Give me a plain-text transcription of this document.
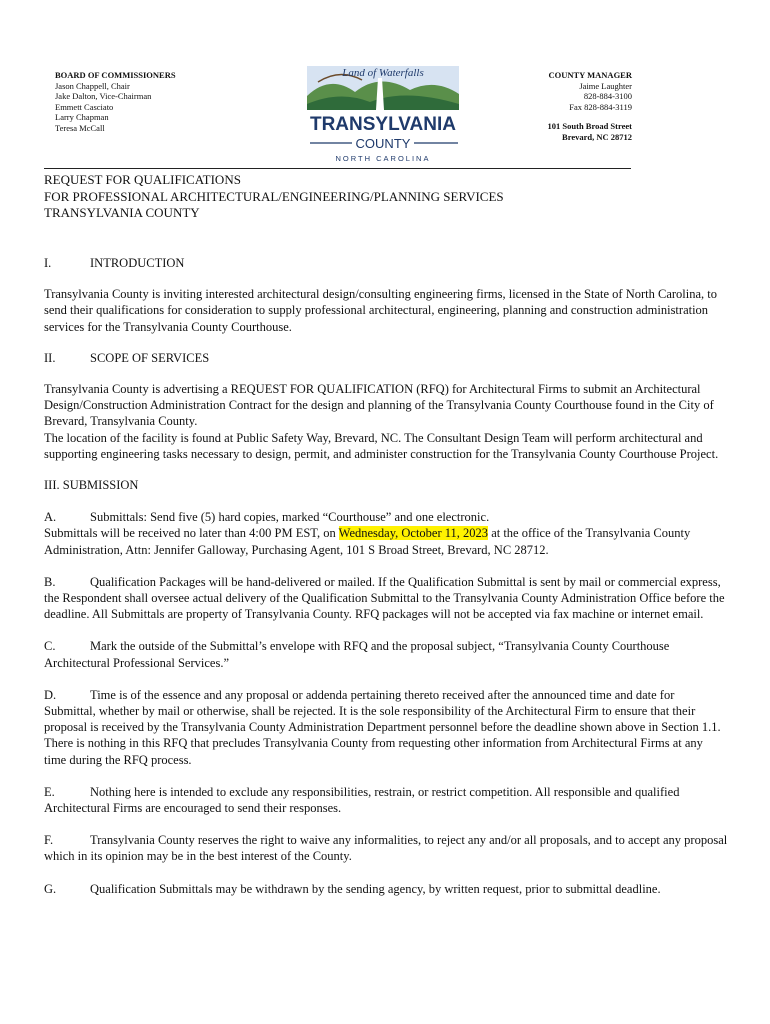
BOARD OF COMMISSIONERS
Jason Chappell, Chair
Jake Dalton, Vice-Chairman
Emmett Casciato
Larry Chapman
Teresa McCall
Land of Waterfalls
TRANSYLVANIA
COUNTY
NORTH CAROLINA
COUNTY MANAGER
Jaime Laughter
828-884-3100
Fax 828-884-3119
101 South Broad Street
Brevard, NC 28712
REQUEST FOR QUALIFICATIONS
FOR PROFESSIONAL ARCHITECTURAL/ENGINEERING/PLANNING SERVICES
TRANSYLVANIA COUNTY
I.	INTRODUCTION

Transylvania County is inviting interested architectural design/consulting engineering firms, licensed in the State of North Carolina, to send their qualifications for consideration to supply professional architectural, engineering, planning and construction administration services for the Transylvania County Courthouse.

II.	SCOPE OF SERVICES

Transylvania County is advertising a REQUEST FOR QUALIFICATION (RFQ) for Architectural Firms to submit an Architectural Design/Construction Administration Contract for the design and planning of the Transylvania County Courthouse found in the City of Brevard, Transylvania County.

The location of the facility is found at Public Safety Way, Brevard, NC. The Consultant Design Team will perform architectural and supporting engineering tasks necessary to design, permit, and administer construction for the Transylvania County Courthouse Project.

III. SUBMISSION

A.	Submittals: Send five (5) hard copies, marked “Courthouse” and one electronic.
Submittals will be received no later than 4:00 PM EST, on Wednesday, October 11, 2023 at the office of the Transylvania County Administration, Attn: Jennifer Galloway, Purchasing Agent, 101 S Broad Street, Brevard, NC 28712.

B.	Qualification Packages will be hand-delivered or mailed. If the Qualification Submittal is sent by mail or commercial express, the Respondent shall oversee actual delivery of the Qualification Submittal to the Transylvania County Administration Office before the deadline. All Submittals are property of Transylvania County. RFQ packages will not be accepted via fax machine or internet email.

C.	Mark the outside of the Submittal’s envelope with RFQ and the proposal subject, “Transylvania County Courthouse Architectural Professional Services.”

D.	Time is of the essence and any proposal or addenda pertaining thereto received after the announced time and date for Submittal, whether by mail or otherwise, shall be rejected. It is the sole responsibility of the Architectural Firm to ensure that their proposal is received by the Transylvania County Administration Department personnel before the deadline shown above in Section 1.1. There is nothing in this RFQ that precludes Transylvania County from requesting other information from Architectural Firms at any time during the RFQ process.

E.	Nothing here is intended to exclude any responsibilities, restrain, or restrict competition. All responsible and qualified Architectural Firms are encouraged to send their responses.

F.	Transylvania County reserves the right to waive any informalities, to reject any and/or all proposals, and to accept any proposal which in its opinion may be in the best interest of the County.

G.	Qualification Submittals may be withdrawn by the sending agency, by written request, prior to submittal deadline.
